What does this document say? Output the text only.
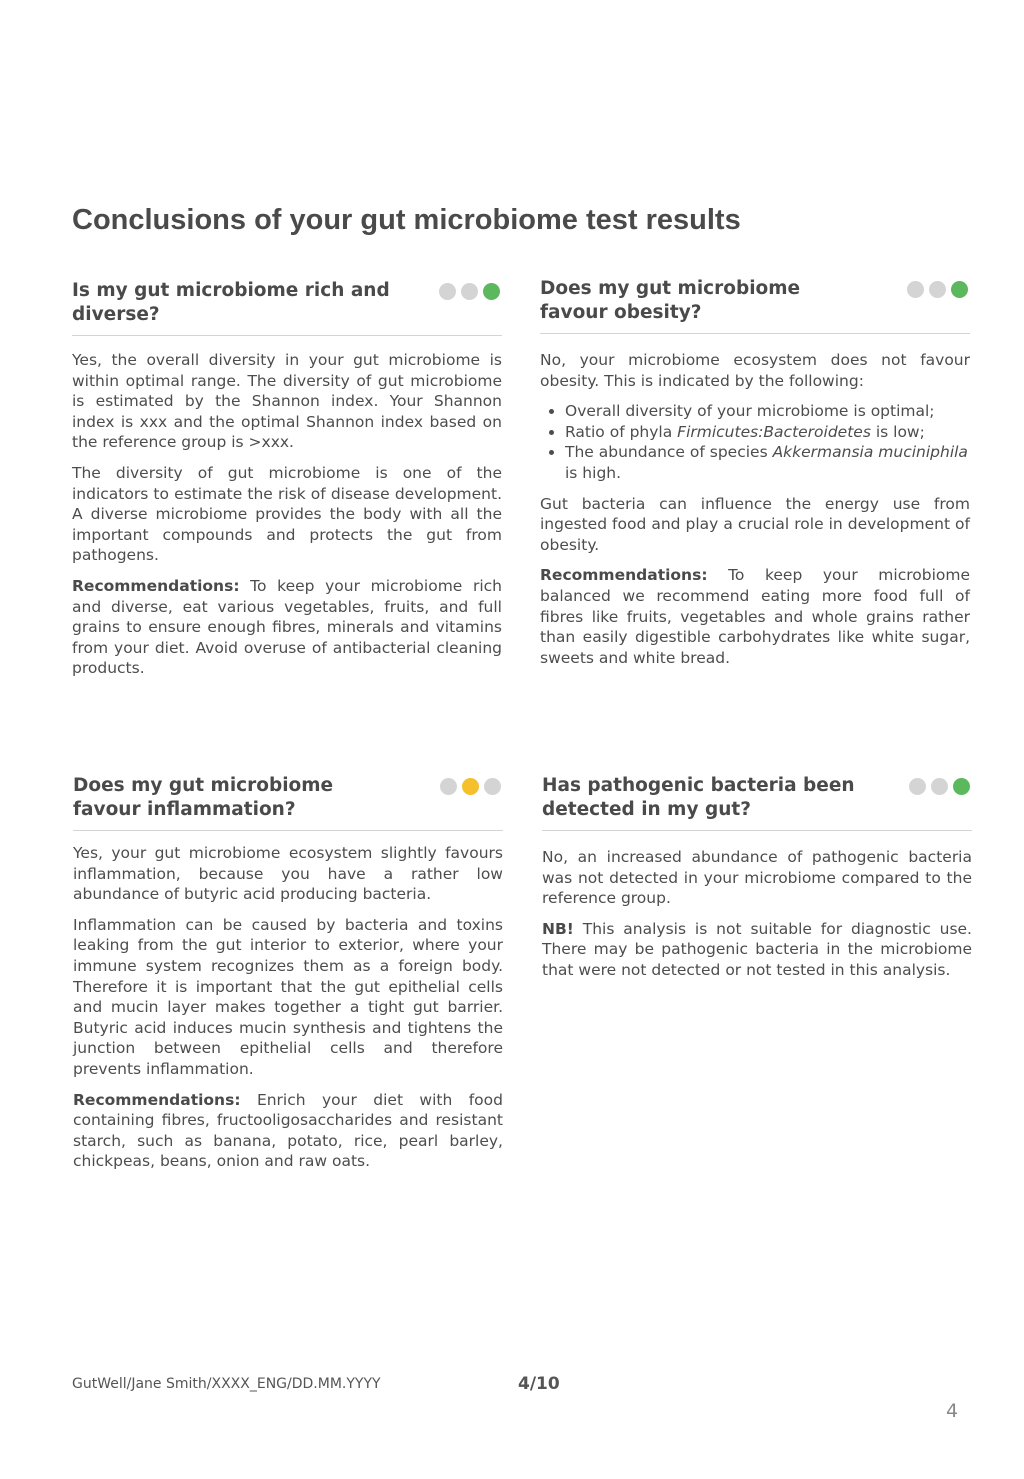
Conclusions of your gut microbiome test results
Is my gut microbiome rich and diverse?

Yes, the overall diversity in your gut microbiome is within optimal range. The diversity of gut microbiome is estimated by the Shannon index. Your Shannon index is xxx and the optimal Shannon index based on the reference group is >xxx.

The diversity of gut microbiome is one of the indicators to estimate the risk of disease development. A diverse microbiome provides the body with all the important compounds and protects the gut from pathogens.

Recommendations: To keep your microbiome rich and diverse, eat various vegetables, fruits, and full grains to ensure enough fibres, minerals and vitamins from your diet. Avoid overuse of antibacterial cleaning products.

Does my gut microbiome favour obesity?

No, your microbiome ecosystem does not favour obesity. This is indicated by the following:

• Overall diversity of your microbiome is optimal;
• Ratio of phyla Firmicutes:Bacteroidetes is low;
• The abundance of species Akkermansia muciniphila is high.

Gut bacteria can influence the energy use from ingested food and play a crucial role in development of obesity.

Recommendations: To keep your microbiome balanced we recommend eating more food full of fibres like fruits, vegetables and whole grains rather than easily digestible carbohydrates like white sugar, sweets and white bread.

Does my gut microbiome favour inflammation?

Yes, your gut microbiome ecosystem slightly favours inflammation, because you have a rather low abundance of butyric acid producing bacteria.

Inflammation can be caused by bacteria and toxins leaking from the gut interior to exterior, where your immune system recognizes them as a foreign body. Therefore it is important that the gut epithelial cells and mucin layer makes together a tight gut barrier. Butyric acid induces mucin synthesis and tightens the junction between epithelial cells and therefore prevents inflammation.

Recommendations: Enrich your diet with food containing fibres, fructooligosaccharides and resistant starch, such as banana, potato, rice, pearl barley, chickpeas, beans, onion and raw oats.

Has pathogenic bacteria been detected in my gut?

No, an increased abundance of pathogenic bacteria was not detected in your microbiome compared to the reference group.

NB! This analysis is not suitable for diagnostic use. There may be pathogenic bacteria in the microbiome that were not detected or not tested in this analysis.

GutWell/Jane Smith/XXXX_ENG/DD.MM.YYYY	4/10
4
